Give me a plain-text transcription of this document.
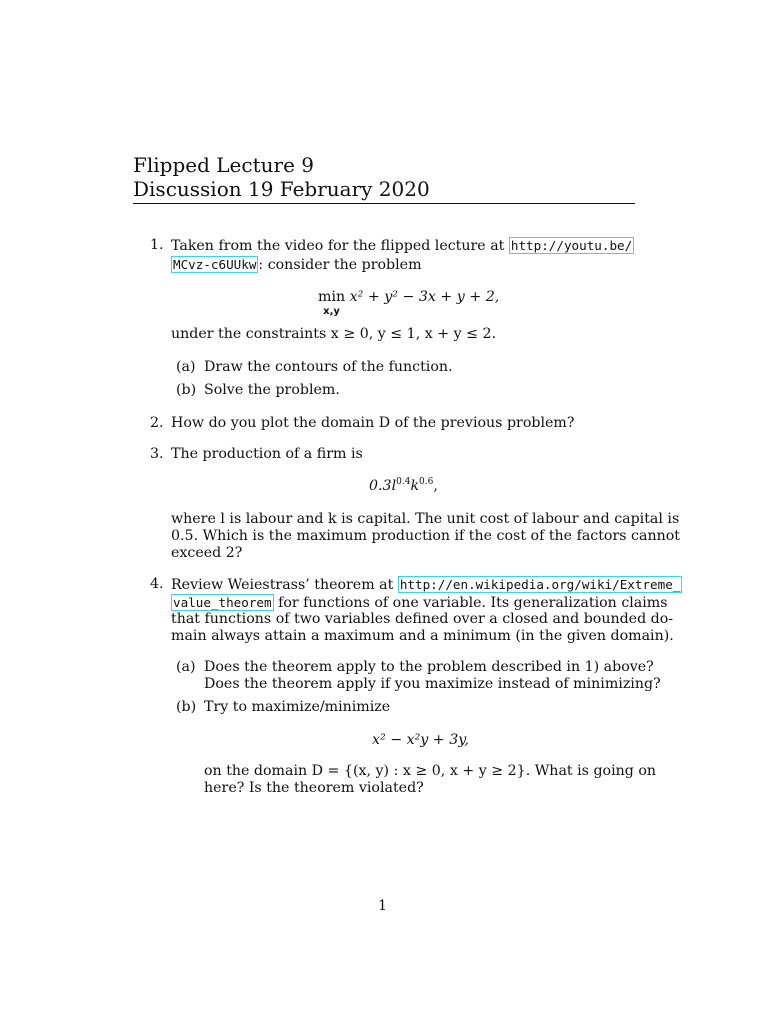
Flipped Lecture 9
Discussion 19 February 2020
1. Taken from the video for the flipped lecture at http://youtu.be/
MCvz-c6UUkw : consider the problem
min

x,y
x² + y² − 3x + y + 2,
under the constraints x ≥ 0, y ≤ 1, x + y ≤ 2.
(a) Draw the contours of the function.
(b) Solve the problem.
2. How do you plot the domain D of the previous problem?
3. The production of a firm is
$0.3l^{0.4}k^{0.6}$,
where l is labour and k is capital. The unit cost of labour and capital is
0.5. Which is the maximum production if the cost of the factors cannot
exceed 2?
4. Review Weiestrass’ theorem at http://en.wikipedia.org/wiki/Extreme_
value_theorem for functions of one variable. Its generalization claims
that functions of two variables defined over a closed and bounded do-
main always attain a maximum and a minimum (in the given domain).
(a) Does the theorem apply to the problem described in 1) above?
Does the theorem apply if you maximize instead of minimizing?
(b) Try to maximize/minimize
x² − x²y + 3y,
on the domain D = {(x, y) : x ≥ 0, x + y ≥ 2}. What is going on
here? Is the theorem violated?
1
